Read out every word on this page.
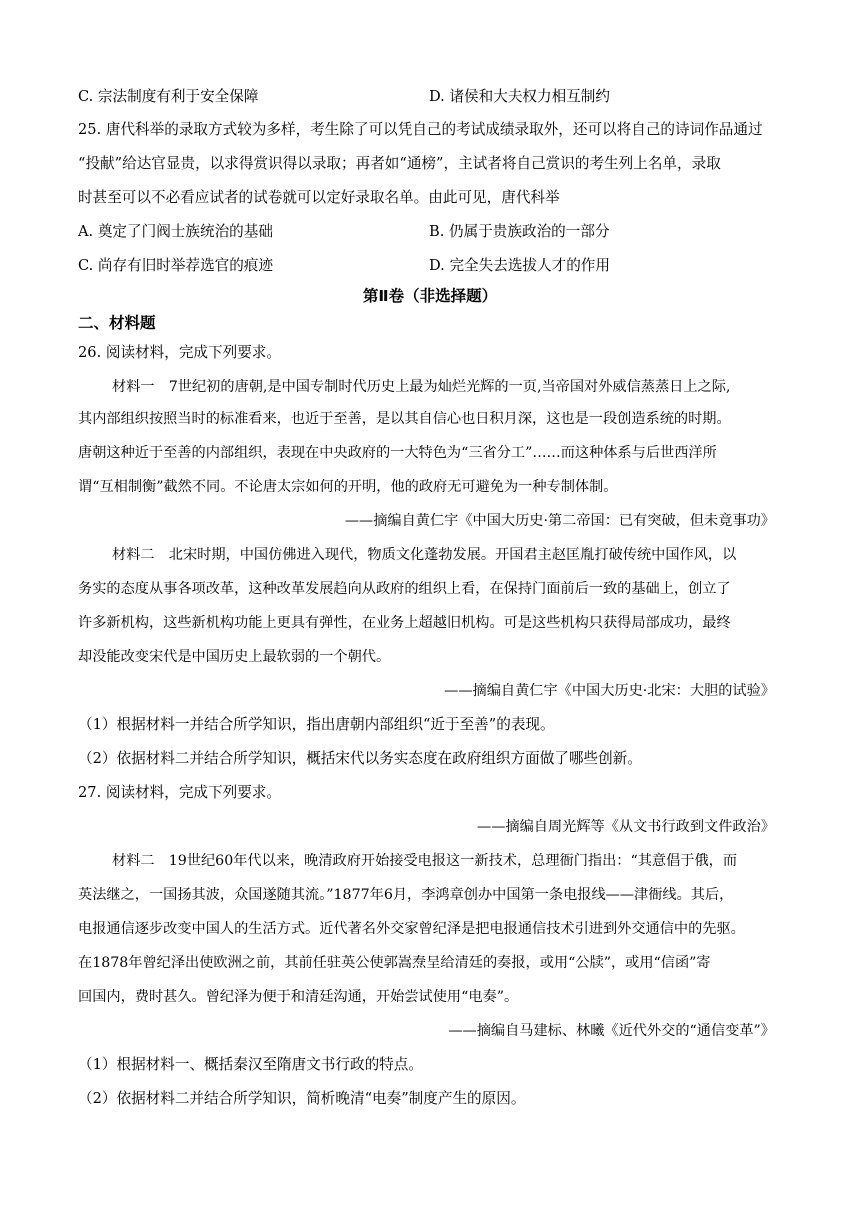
C. 宗法制度有利于安全保障	D. 诸侯和大夫权力相互制约
25. 唐代科举的录取方式较为多样，考生除了可以凭自己的考试成绩录取外，还可以将自己的诗词作品通过
“投献”给达官显贵，以求得赏识得以录取；再者如“通榜”，主试者将自己赏识的考生列上名单，录取
时甚至可以不必看应试者的试卷就可以定好录取名单。由此可见，唐代科举
A. 奠定了门阀士族统治的基础	B. 仍属于贵族政治的一部分
C. 尚存有旧时举荐选官的痕迹	D. 完全失去选拔人才的作用
第Ⅱ卷（非选择题）
二、材料题
26. 阅读材料，完成下列要求。
材料一　7世纪初的唐朝,是中国专制时代历史上最为灿烂光辉的一页,当帝国对外威信蒸蒸日上之际,
其内部组织按照当时的标准看来，也近于至善，是以其自信心也日积月深，这也是一段创造系统的时期。
唐朝这种近于至善的内部组织，表现在中央政府的一大特色为“三省分工”……而这种体系与后世西洋所
谓“互相制衡”截然不同。不论唐太宗如何的开明，他的政府无可避免为一种专制体制。
——摘编自黄仁宇《中国大历史·第二帝国：已有突破，但未竟事功》
材料二　北宋时期，中国仿佛进入现代，物质文化蓬勃发展。开国君主赵匡胤打破传统中国作风，以
务实的态度从事各项改革，这种改革发展趋向从政府的组织上看，在保持门面前后一致的基础上，创立了
许多新机构，这些新机构功能上更具有弹性，在业务上超越旧机构。可是这些机构只获得局部成功，最终
却没能改变宋代是中国历史上最软弱的一个朝代。
——摘编自黄仁宇《中国大历史·北宋：大胆的试验》
（1）根据材料一并结合所学知识，指出唐朝内部组织“近于至善”的表现。
（2）依据材料二并结合所学知识，概括宋代以务实态度在政府组织方面做了哪些创新。
27. 阅读材料，完成下列要求。
——摘编自周光辉等《从文书行政到文件政治》
材料二　19世纪60年代以来，晚清政府开始接受电报这一新技术，总理衙门指出：“其意倡于俄，而
英法继之，一国扬其波，众国遂随其流。”1877年6月，李鸿章创办中国第一条电报线——津衙线。其后，
电报通信逐步改变中国人的生活方式。近代著名外交家曾纪泽是把电报通信技术引进到外交通信中的先驱。
在1878年曾纪泽出使欧洲之前，其前任驻英公使郭嵩焘呈给清廷的奏报，或用“公牍”，或用“信函”寄
回国内，费时甚久。曾纪泽为便于和清廷沟通，开始尝试使用“电奏”。
——摘编自马建标、林曦《近代外交的“通信变革”》
（1）根据材料一、概括秦汉至隋唐文书行政的特点。
（2）依据材料二并结合所学知识，简析晚清“电奏”制度产生的原因。
